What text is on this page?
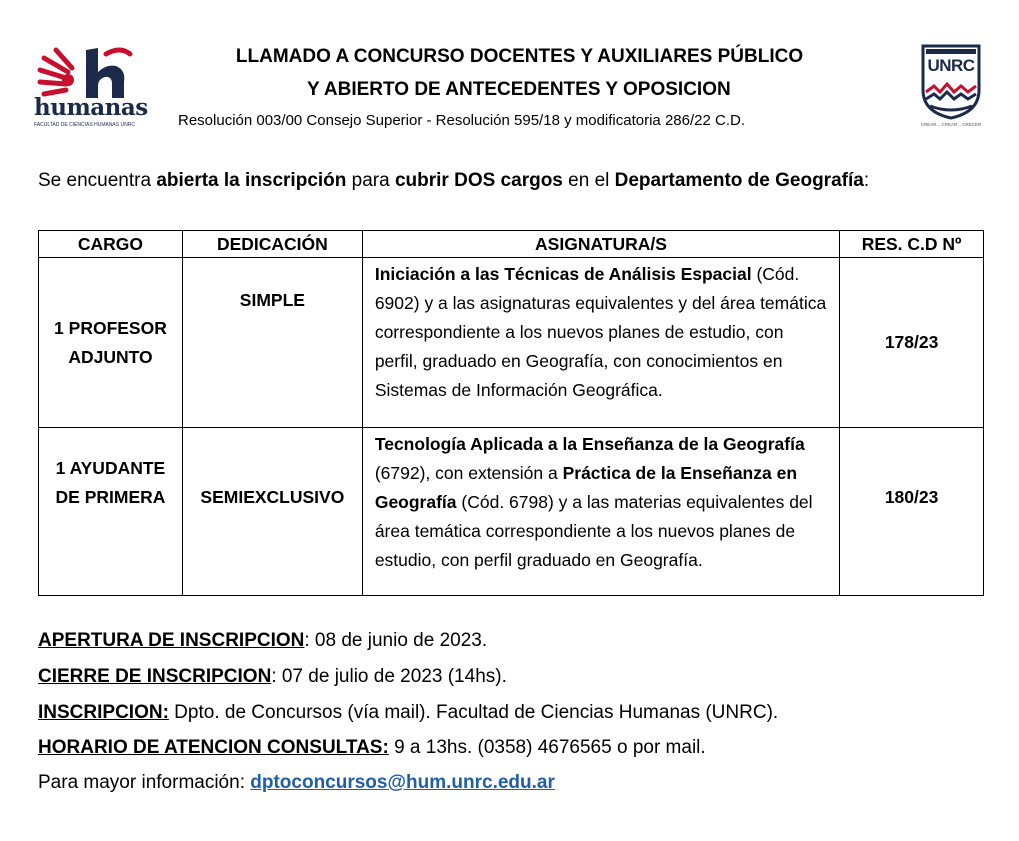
humanas
FACULTAD DE CIENCIAS HUMANAS UNRC
LLAMADO A CONCURSO DOCENTES Y AUXILIARES PÚBLICO
Y ABIERTO DE ANTECEDENTES Y OPOSICION
Resolución 003/00 Consejo Superior - Resolución 595/18 y modificatoria 286/22 C.D.
UNRC
CREAR... CREAR... CRECER
Se encuentra abierta la inscripción para cubrir DOS cargos en el Departamento de Geografía:
CARGO	DEDICACIÓN	ASIGNATURA/S	RES. C.D Nº

1 PROFESOR
ADJUNTO	SIMPLE	Iniciación a las Técnicas de Análisis Espacial (Cód. 6902) y a las asignaturas equivalentes y del área temática correspondiente a los nuevos planes de estudio, con perfil, graduado en Geografía, con conocimientos en Sistemas de Información Geográfica.	178/23

1 AYUDANTE
DE PRIMERA	SEMIEXCLUSIVO	Tecnología Aplicada a la Enseñanza de la Geografía (6792), con extensión a Práctica de la Enseñanza en Geografía (Cód. 6798) y a las materias equivalentes del área temática correspondiente a los nuevos planes de estudio, con perfil graduado en Geografía.	180/23
APERTURA DE INSCRIPCION: 08 de junio de 2023.
CIERRE DE INSCRIPCION: 07 de julio de 2023 (14hs).
INSCRIPCION: Dpto. de Concursos (vía mail). Facultad de Ciencias Humanas (UNRC).
HORARIO DE ATENCION CONSULTAS: 9 a 13hs. (0358) 4676565 o por mail.
Para mayor información: dptoconcursos@hum.unrc.edu.ar
